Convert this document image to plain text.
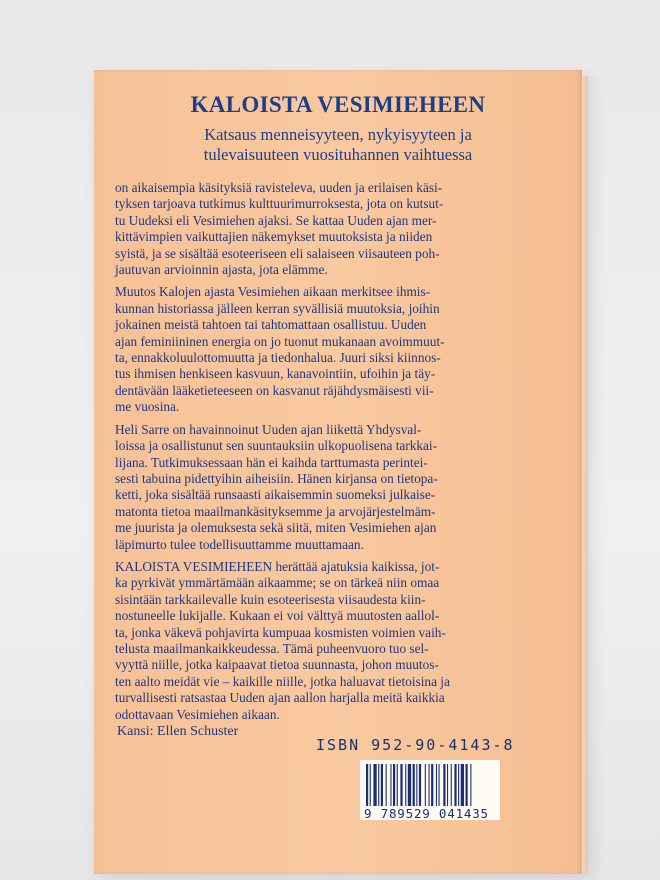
KALOISTA VESIMIEHEEN
Katsaus menneisyyteen, nykyisyyteen ja
tulevaisuuteen vuosituhannen vaihtuessa

on aikaisempia käsityksiä ravisteleva, uuden ja erilaisen käsi-
tyksen tarjoava tutkimus kulttuurimurroksesta, jota on kutsut-
tu Uudeksi eli Vesimiehen ajaksi. Se kattaa Uuden ajan mer-
kittävimpien vaikuttajien näkemykset muutoksista ja niiden
syistä, ja se sisältää esoteeriseen eli salaiseen viisauteen poh-
jautuvan arvioinnin ajasta, jota elämme.

Muutos Kalojen ajasta Vesimiehen aikaan merkitsee ihmis-
kunnan historiassa jälleen kerran syvällisiä muutoksia, joihin
jokainen meistä tahtoen tai tahtomattaan osallistuu. Uuden
ajan feminiininen energia on jo tuonut mukanaan avoimmuut-
ta, ennakkoluulottomuutta ja tiedonhalua. Juuri siksi kiinnos-
tus ihmisen henkiseen kasvuun, kanavointiin, ufoihin ja täy-
dentävään lääketieteeseen on kasvanut räjähdysmäisesti vii-
me vuosina.

Heli Sarre on havainnoinut Uuden ajan liikettä Yhdysval-
loissa ja osallistunut sen suuntauksiin ulkopuolisena tarkkai-
lijana. Tutkimuksessaan hän ei kaihda tarttumasta perintei-
sesti tabuina pidettyihin aiheisiin. Hänen kirjansa on tietopa-
ketti, joka sisältää runsaasti aikaisemmin suomeksi julkaise-
matonta tietoa maailmankäsityksemme ja arvojärjestelmäm-
me juurista ja olemuksesta sekä siitä, miten Vesimiehen ajan
läpimurto tulee todellisuuttamme muuttamaan.

KALOISTA VESIMIEHEEN herättää ajatuksia kaikissa, jot-
ka pyrkivät ymmärtämään aikaamme; se on tärkeä niin omaa
sisintään tarkkailevalle kuin esoteerisesta viisaudesta kiin-
nostuneelle lukijalle. Kukaan ei voi välttyä muutosten aallol-
ta, jonka väkevä pohjavirta kumpuaa kosmisten voimien vaih-
telusta maailmankaikkeudessa. Tämä puheenvuoro tuo sel-
vyyttä niille, jotka kaipaavat tietoa suunnasta, johon muutos-
ten aalto meidät vie – kaikille niille, jotka haluavat tietoisina ja
turvallisesti ratsastaa Uuden ajan aallon harjalla meitä kaikkia
odottavaan Vesimiehen aikaan.

Kansi: Ellen Schuster
ISBN 952-90-4143-8
9 789529 041435
